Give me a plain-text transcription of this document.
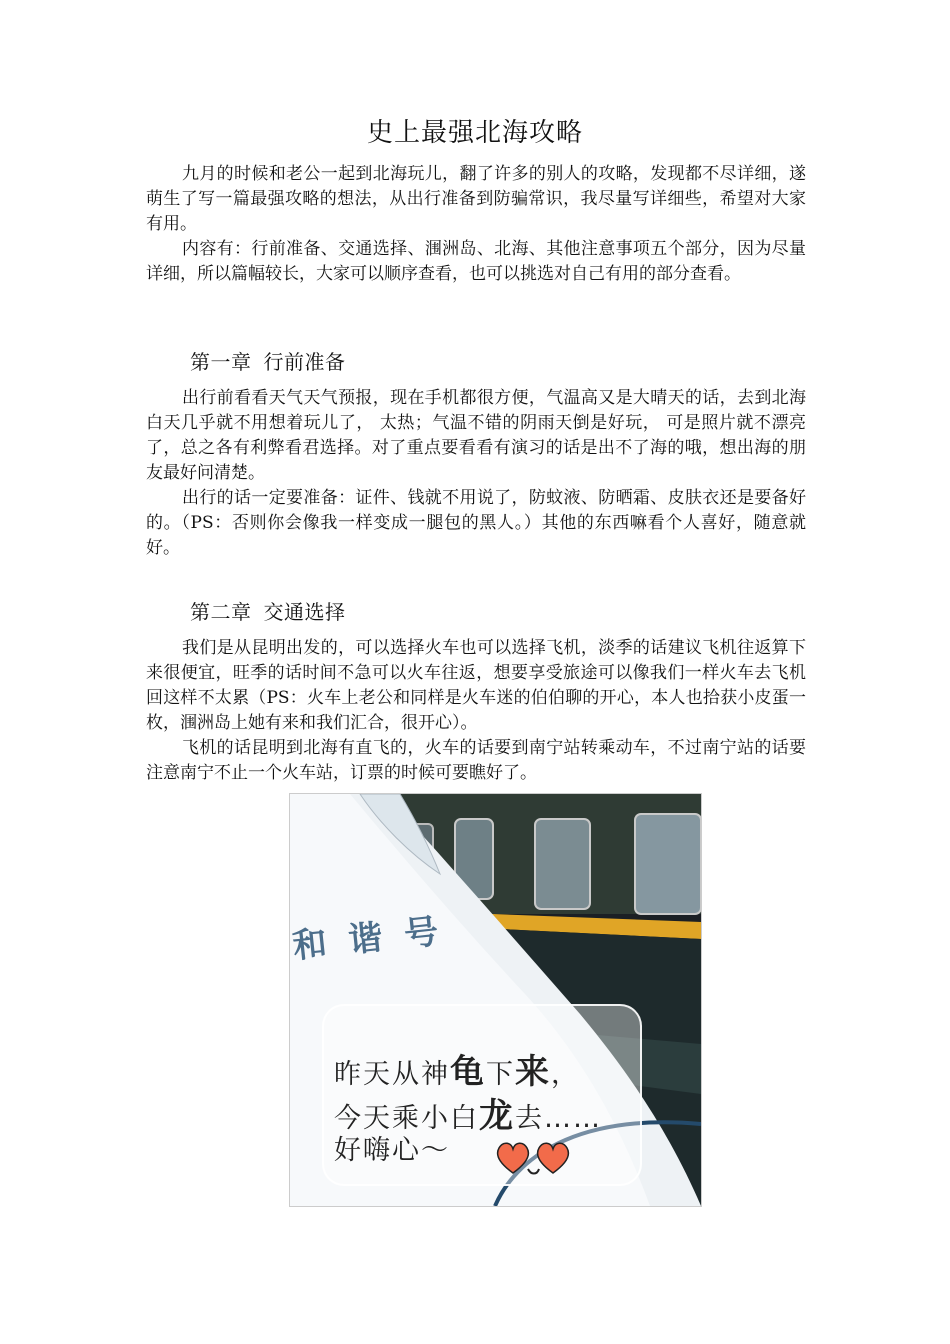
史上最强北海攻略

九月的时候和老公一起到北海玩儿，翻了许多的别人的攻略，发现都不尽详细，遂萌生了写一篇最强攻略的想法，从出行准备到防骗常识，我尽量写详细些，希望对大家有用。

内容有：行前准备、交通选择、涠洲岛、北海、其他注意事项五个部分，因为尽量详细，所以篇幅较长，大家可以顺序查看，也可以挑选对自己有用的部分查看。

第一章 行前准备

出行前看看天气天气预报，现在手机都很方便，气温高又是大晴天的话，去到北海白天几乎就不用想着玩儿了， 太热；气温不错的阴雨天倒是好玩， 可是照片就不漂亮了，总之各有利弊看君选择。对了重点要看看有演习的话是出不了海的哦，想出海的朋友最好问清楚。

出行的话一定要准备：证件、钱就不用说了，防蚊液、防晒霜、皮肤衣还是要备好的。（PS：否则你会像我一样变成一腿包的黑人。）其他的东西嘛看个人喜好，随意就好。

第二章 交通选择

我们是从昆明出发的，可以选择火车也可以选择飞机，淡季的话建议飞机往返算下来很便宜，旺季的话时间不急可以火车往返，想要享受旅途可以像我们一样火车去飞机回这样不太累（PS：火车上老公和同样是火车迷的伯伯聊的开心，本人也拾获小皮蛋一枚，涠洲岛上她有来和我们汇合，很开心）。

飞机的话昆明到北海有直飞的，火车的话要到南宁站转乘动车，不过南宁站的话要注意南宁不止一个火车站，订票的时候可要瞧好了。

和谐号
昨天从神龟下来，
今天乘小白龙去……
好嗨心～
